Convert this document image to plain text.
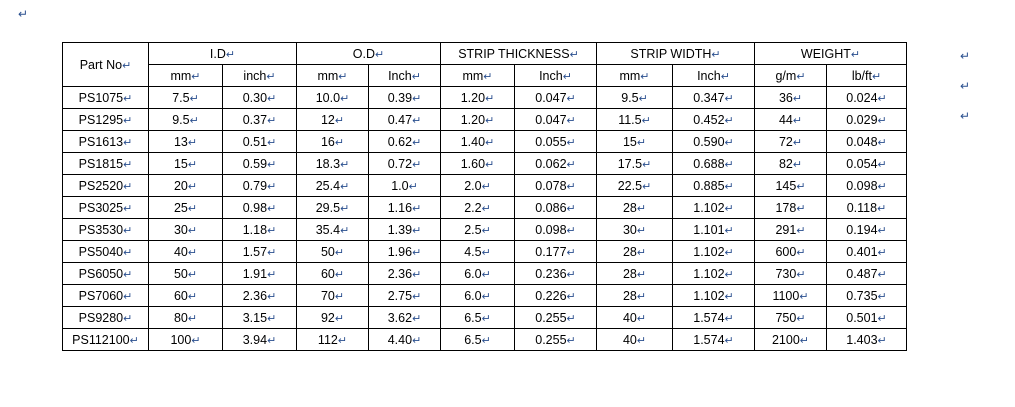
↵
↵
↵
↵
Part No↵	I.D↵		O.D↵		STRIP THICKNESS↵		STRIP WIDTH↵		WEIGHT↵	
	mm↵	inch↵	mm↵	Inch↵	mm↵	Inch↵	mm↵	Inch↵	g/m↵	lb/ft↵
PS1075↵	7.5↵	0.30↵	10.0↵	0.39↵	1.20↵	0.047↵	9.5↵	0.347↵	36↵	0.024↵
PS1295↵	9.5↵	0.37↵	12↵	0.47↵	1.20↵	0.047↵	11.5↵	0.452↵	44↵	0.029↵
PS1613↵	13↵	0.51↵	16↵	0.62↵	1.40↵	0.055↵	15↵	0.590↵	72↵	0.048↵
PS1815↵	15↵	0.59↵	18.3↵	0.72↵	1.60↵	0.062↵	17.5↵	0.688↵	82↵	0.054↵
PS2520↵	20↵	0.79↵	25.4↵	1.0↵	2.0↵	0.078↵	22.5↵	0.885↵	145↵	0.098↵
PS3025↵	25↵	0.98↵	29.5↵	1.16↵	2.2↵	0.086↵	28↵	1.102↵	178↵	0.118↵
PS3530↵	30↵	1.18↵	35.4↵	1.39↵	2.5↵	0.098↵	30↵	1.101↵	291↵	0.194↵
PS5040↵	40↵	1.57↵	50↵	1.96↵	4.5↵	0.177↵	28↵	1.102↵	600↵	0.401↵
PS6050↵	50↵	1.91↵	60↵	2.36↵	6.0↵	0.236↵	28↵	1.102↵	730↵	0.487↵
PS7060↵	60↵	2.36↵	70↵	2.75↵	6.0↵	0.226↵	28↵	1.102↵	1100↵	0.735↵
PS9280↵	80↵	3.15↵	92↵	3.62↵	6.5↵	0.255↵	40↵	1.574↵	750↵	0.501↵
PS112100↵	100↵	3.94↵	112↵	4.40↵	6.5↵	0.255↵	40↵	1.574↵	2100↵	1.403↵
